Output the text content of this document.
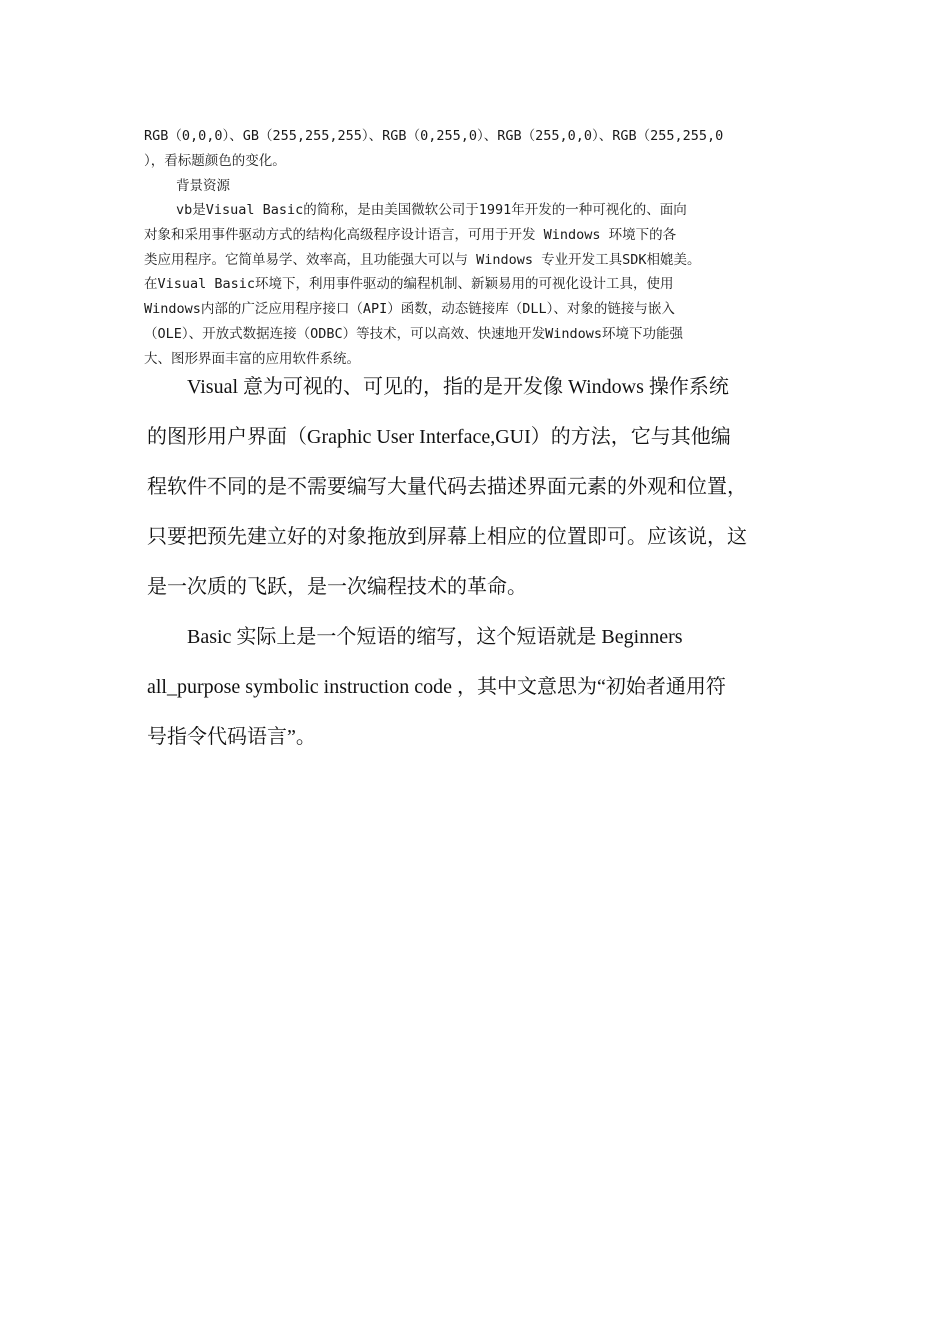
RGB（0,0,0）、GB（255,255,255）、RGB（0,255,0）、RGB（255,0,0）、RGB（255,255,0
），看标题颜色的变化。
背景资源
vb是Visual Basic的简称，是由美国微软公司于1991年开发的一种可视化的、面向
对象和采用事件驱动方式的结构化高级程序设计语言，可用于开发 Windows 环境下的各
类应用程序。它简单易学、效率高，且功能强大可以与 Windows 专业开发工具SDK相媲美。
在Visual Basic环境下，利用事件驱动的编程机制、新颖易用的可视化设计工具，使用
Windows内部的广泛应用程序接口（API）函数，动态链接库（DLL）、对象的链接与嵌入
（OLE）、开放式数据连接（ODBC）等技术，可以高效、快速地开发Windows环境下功能强
大、图形界面丰富的应用软件系统。
Visual 意为可视的、可见的，指的是开发像 Windows 操作系统
的图形用户界面（Graphic User Interface,GUI）的方法，它与其他编
程软件不同的是不需要编写大量代码去描述界面元素的外观和位置，
只要把预先建立好的对象拖放到屏幕上相应的位置即可。应该说，这
是一次质的飞跃，是一次编程技术的革命。
Basic 实际上是一个短语的缩写，这个短语就是 Beginners
all_purpose symbolic instruction code ，其中文意思为“初始者通用符
号指令代码语言”。
